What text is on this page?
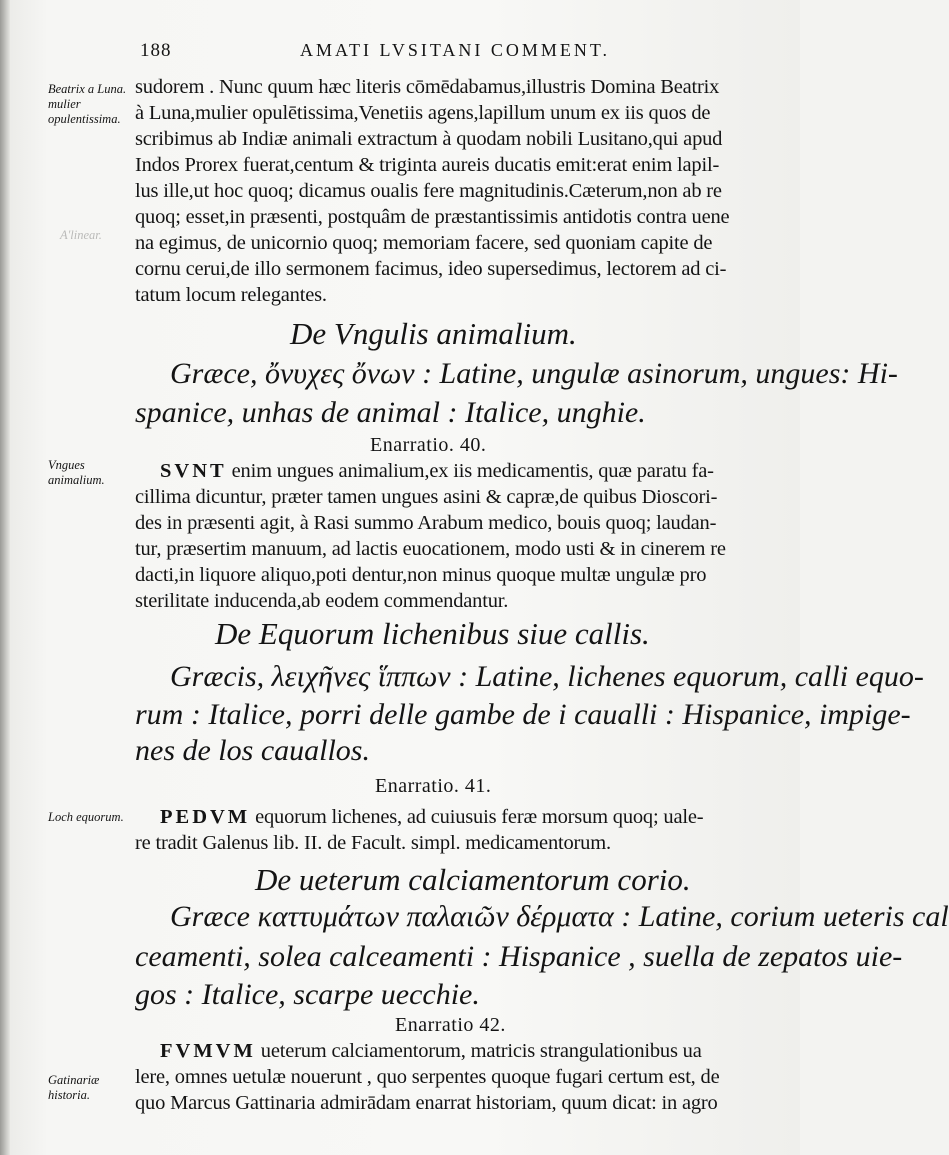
188	AMATI LVSITANI COMMENT.
Beatrix a Luna. mulier opulentissima.
A'linear.
Vngues animalium.
Loch equorum.
Gatinariæ historia.
sudorem . Nunc quum hæc literis cōmēdabamus,illustris Domina Beatrix
à Luna,mulier opulētissima,Venetiis agens,lapillum unum ex iis quos de
scribimus ab Indiæ animali extractum à quodam nobili Lusitano,qui apud
Indos Prorex fuerat,centum & triginta aureis ducatis emit:erat enim lapil-
lus ille,ut hoc quoq; dicamus oualis fere magnitudinis.Cæterum,non ab re
quoq; esset,in præsenti, postquâm de præstantissimis antidotis contra uene
na egimus, de unicornio quoq; memoriam facere, sed quoniam capite de
cornu cerui,de illo sermonem facimus, ideo supersedimus, lectorem ad ci-
tatum locum relegantes.
De Vngulis animalium.
Græce, ὄνυχες ὄνων : Latine, ungulæ asinorum, ungues: Hi-
spanice, unhas de animal : Italice, unghie.
Enarratio. 40.
SVNT enim ungues animalium,ex iis medicamentis, quæ paratu fa-
cillima dicuntur, præter tamen ungues asini & capræ,de quibus Dioscori-
des in præsenti agit, à Rasi summo Arabum medico, bouis quoq; laudan-
tur, præsertim manuum, ad lactis euocationem, modo usti & in cinerem re
dacti,in liquore aliquo,poti dentur,non minus quoque multæ ungulæ pro
sterilitate inducenda,ab eodem commendantur.
De Equorum lichenibus siue callis.
Græcis, λειχῆνες ἵππων : Latine, lichenes equorum, calli equo-
rum : Italice, porri delle gambe de i caualli : Hispanice, impige-
nes de los cauallos.
Enarratio. 41.
PEDVM equorum lichenes, ad cuiusuis feræ morsum quoq; uale-
re tradit Galenus lib. II. de Facult. simpl. medicamentorum.
De ueterum calciamentorum corio.
Græce καττυμάτων παλαιῶν δέρματα : Latine, corium ueteris cal
ceamenti, solea calceamenti : Hispanice , suella de zepatos uie-
gos : Italice, scarpe uecchie.
Enarratio 42.
FVMVM ueterum calciamentorum, matricis strangulationibus ua
lere, omnes uetulæ nouerunt , quo serpentes quoque fugari certum est, de
quo Marcus Gattinaria admirādam enarrat historiam, quum dicat: in agro
